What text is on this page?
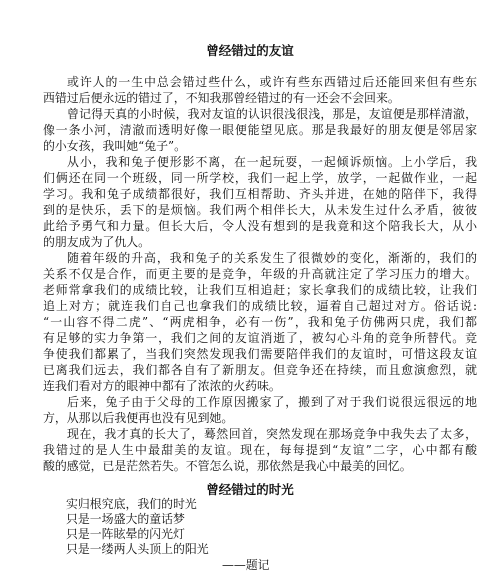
曾经错过的友谊
或许人的一生中总会错过些什么，或许有些东西错过后还能回来但有些东
西错过后便永远的错过了，不知我那曾经错过的有一还会不会回来。
曾记得天真的小时候，我对友谊的认识很浅很浅，那是，友谊便是那样清澈，
像一条小河，清澈而透明好像一眼便能望见底。那是我最好的朋友便是邻居家
的小女孩，我叫她“兔子”。
从小，我和兔子便形影不离，在一起玩耍，一起倾诉烦恼。上小学后，我
们俩还在同一个班级，同一所学校，我们一起上学，放学，一起做作业，一起
学习。我和兔子成绩都很好，我们互相帮助、齐头并进，在她的陪伴下，我得
到的是快乐，丢下的是烦恼。我们两个相伴长大，从未发生过什么矛盾，彼彼
此给予勇气和力量。但长大后，令人没有想到的是我竟和这个陪我长大，从小
的朋友成为了仇人。
随着年级的升高，我和兔子的关系发生了很微妙的变化，渐渐的，我们的
关系不仅是合作，而更主要的是竞争，年级的升高就注定了学习压力的增大。
老师常拿我们的成绩比较，让我们互相追赶；家长拿我们的成绩比较，让我们
追上对方；就连我们自己也拿我们的成绩比较，逼着自己超过对方。俗话说:
“一山容不得二虎”、“两虎相争，必有一伤”，我和兔子仿佛两只虎，我们都
有足够的实力争第一，我们之间的友谊消逝了，被勾心斗角的竞争所替代。竞
争使我们都累了，当我们突然发现我们需要陪伴我们的友谊时，可惜这段友谊
已离我们远去，我们都各自有了新朋友。但竞争还在持续，而且愈演愈烈，就
连我们看对方的眼神中都有了浓浓的火药味。
后来，兔子由于父母的工作原因搬家了，搬到了对于我们说很远很远的地
方，从那以后我便再也没有见到她。
现在，我才真的长大了，蓦然回首，突然发现在那场竞争中我失去了太多，
我错过的是人生中最甜美的友谊。现在，每每提到“友谊”二字，心中都有酸
酸的感觉，已是茫然若失。不管怎么说，那依然是我心中最美的回忆。
曾经错过的时光
实归根究底，我们的时光
只是一场盛大的童话梦
只是一阵眩晕的闪光灯
只是一缕两人头顶上的阳光
——题记
